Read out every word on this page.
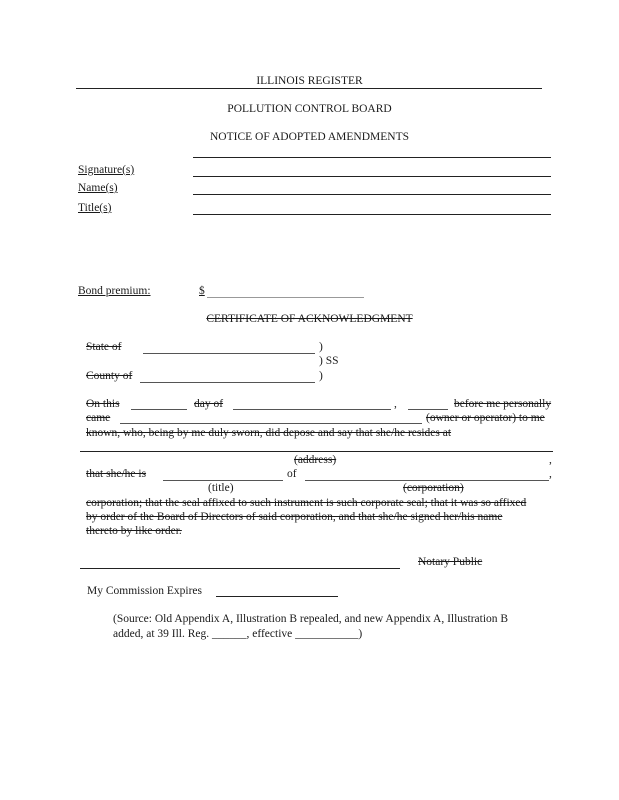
ILLINOIS REGISTER
POLLUTION CONTROL BOARD
NOTICE OF ADOPTED AMENDMENTS
Signature(s)
Name(s)
Title(s)
Bond premium:	$
CERTIFICATE OF ACKNOWLEDGMENT
State of	)
) SS
County of	)
On this	day of	,	before me personally
came	(owner or operator) to me
known, who, being by me duly sworn, did depose and say that she/he resides at
(address)	,
that she/he is	of	,
(title)	(corporation)
corporation; that the seal affixed to such instrument is such corporate seal; that it was so affixed
by order of the Board of Directors of said corporation, and that she/he signed her/his name
thereto by like order.
Notary Public
My Commission Expires
(Source: Old Appendix A, Illustration B repealed, and new Appendix A, Illustration B
added, at 39 Ill. Reg. ______, effective ___________)
